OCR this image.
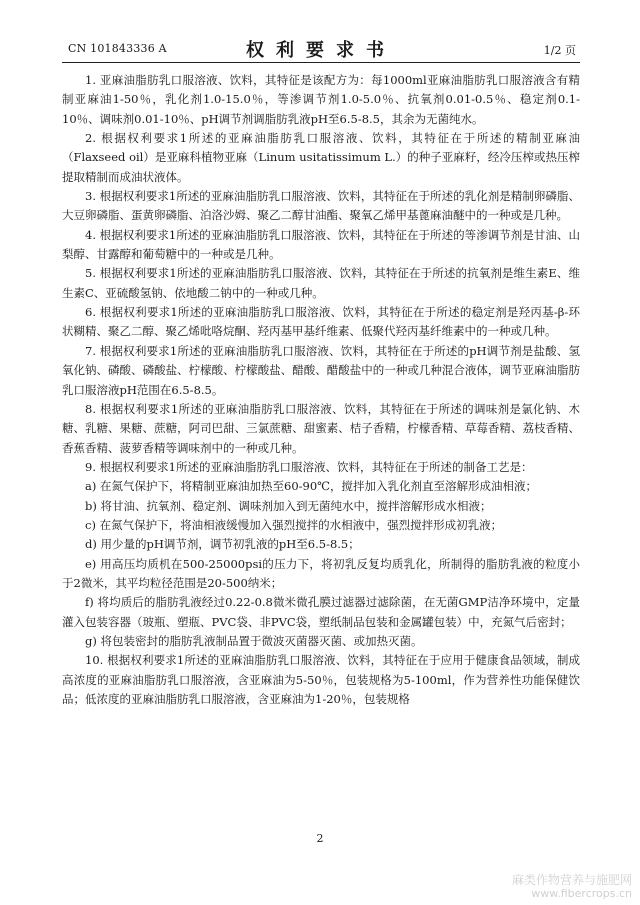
CN 101843336 A	权利要求书	1/2 页

1. 亚麻油脂肪乳口服溶液、饮料，其特征是该配方为：每1000ml亚麻油脂肪乳口服溶液含有精制亚麻油1-50％，乳化剂1.0-15.0％，等渗调节剂1.0-5.0％、抗氧剂0.01-0.5％、稳定剂0.1-10％、调味剂0.01-10％、pH调节剂调脂肪乳液pH至6.5-8.5，其余为无菌纯水。

2. 根据权利要求1所述的亚麻油脂肪乳口服溶液、饮料，其特征在于所述的精制亚麻油（Flaxseed oil）是亚麻科植物亚麻（Linum usitatissimum L.）的种子亚麻籽，经冷压榨或热压榨提取精制而成油状液体。

3. 根据权利要求1所述的亚麻油脂肪乳口服溶液、饮料，其特征在于所述的乳化剂是精制卵磷脂、大豆卵磷脂、蛋黄卵磷脂、泊洛沙姆、聚乙二醇甘油酯、聚氧乙烯甲基蓖麻油醚中的一种或是几种。

4. 根据权利要求1所述的亚麻油脂肪乳口服溶液、饮料，其特征在于所述的等渗调节剂是甘油、山梨醇、甘露醇和葡萄糖中的一种或是几种。

5. 根据权利要求1所述的亚麻油脂肪乳口服溶液、饮料，其特征在于所述的抗氧剂是维生素E、维生素C、亚硫酸氢钠、依地酸二钠中的一种或几种。

6. 根据权利要求1所述的亚麻油脂肪乳口服溶液、饮料，其特征在于所述的稳定剂是羟丙基-β-环状糊精、聚乙二醇、聚乙烯吡咯烷酮、羟丙基甲基纤维素、低聚代羟丙基纤维素中的一种或几种。

7. 根据权利要求1所述的亚麻油脂肪乳口服溶液、饮料，其特征在于所述的pH调节剂是盐酸、氢氧化钠、磷酸、磷酸盐、柠檬酸、柠檬酸盐、醋酸、醋酸盐中的一种或几种混合液体，调节亚麻油脂肪乳口服溶液pH范围在6.5-8.5。

8. 根据权利要求1所述的亚麻油脂肪乳口服溶液、饮料，其特征在于所述的调味剂是氯化钠、木糖、乳糖、果糖、蔗糖，阿司巴甜、三氯蔗糖、甜蜜素、桔子香精，柠檬香精、草莓香精、荔枝香精、香蕉香精、菠萝香精等调味剂中的一种或几种。

9. 根据权利要求1所述的亚麻油脂肪乳口服溶液、饮料，其特征在于所述的制备工艺是：

a) 在氮气保护下，将精制亚麻油加热至60-90℃，搅拌加入乳化剂直至溶解形成油相液；

b) 将甘油、抗氧剂、稳定剂、调味剂加入到无菌纯水中，搅拌溶解形成水相液；

c) 在氮气保护下，将油相液缓慢加入强烈搅拌的水相液中，强烈搅拌形成初乳液；

d) 用少量的pH调节剂，调节初乳液的pH至6.5-8.5；

e) 用高压均质机在500-25000psi的压力下，将初乳反复均质乳化，所制得的脂肪乳液的粒度小于2微米，其平均粒径范围是20-500纳米；

f) 将均质后的脂肪乳液经过0.22-0.8微米微孔膜过滤器过滤除菌，在无菌GMP洁净环境中，定量灌入包装容器（玻瓶、塑瓶、PVC袋、非PVC袋，塑纸制品包装和金属罐包装）中，充氮气后密封；

g) 将包装密封的脂肪乳液制品置于微波灭菌器灭菌、或加热灭菌。

10. 根据权利要求1所述的亚麻油脂肪乳口服溶液、饮料，其特征在于应用于健康食品领域，制成高浓度的亚麻油脂肪乳口服溶液，含亚麻油为5-50％，包装规格为5-100ml，作为营养性功能保健饮品；低浓度的亚麻油脂肪乳口服溶液，含亚麻油为1-20％，包装规格

2
麻类作物营养与施肥网
www.fibercrops.cn
